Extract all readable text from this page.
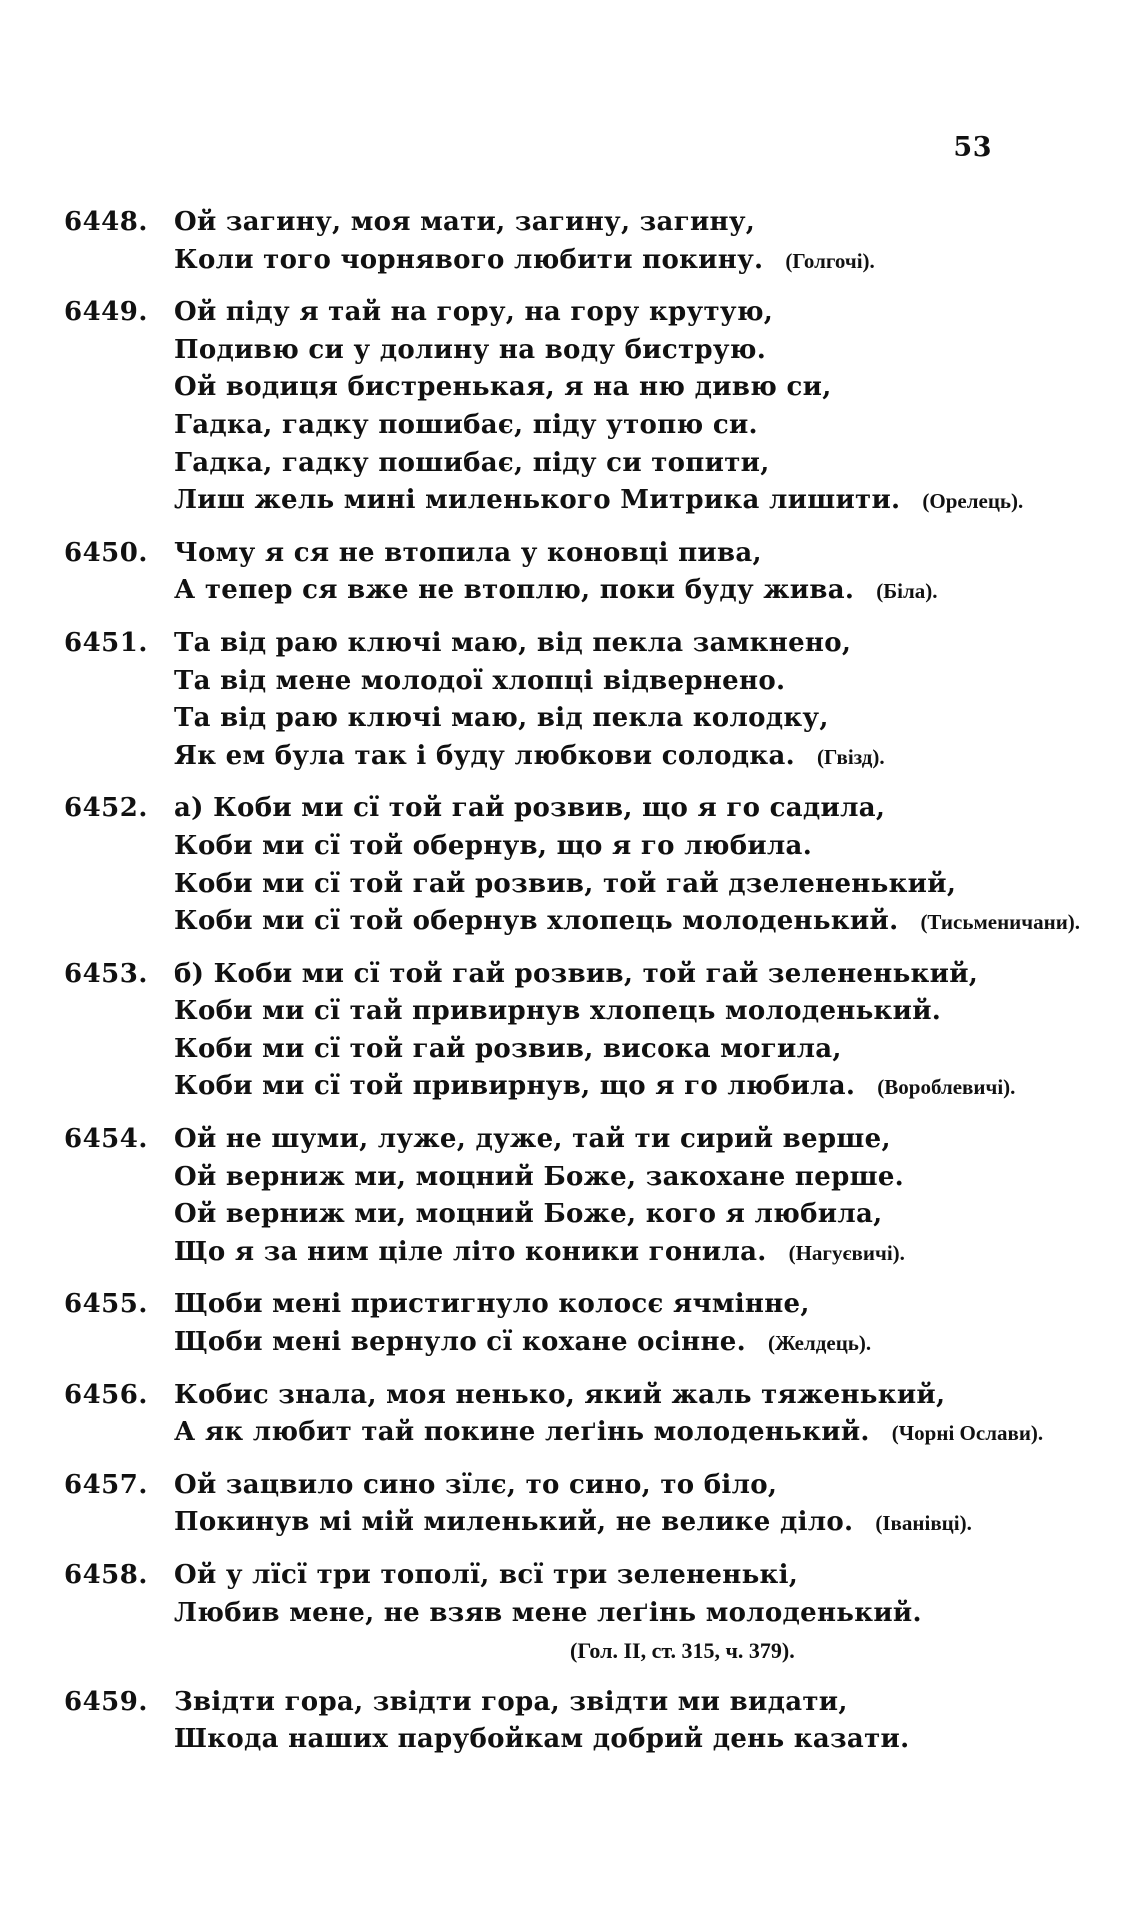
53
6448.	Ой загину, моя мати, загину, загину,
Коли того чорнявого любити покину. (Голгочі).
6449.	Ой піду я тай на гору, на гору крутую,
Подивю си у долину на воду биструю.
Ой водиця бистренькая, я на ню дивю си,
Гадка, гадку пошибає, піду утопю си.
Гадка, гадку пошибає, піду си топити,
Лиш жель мині миленького Митрика лишити. (Орелець).
6450.	Чому я ся не втопила у коновці пива,
А тепер ся вже не втоплю, поки буду жива. (Біла).
6451.	Та від раю ключі маю, від пекла замкнено,
Та від мене молодої хлопці відвернено.
Та від раю ключі маю, від пекла колодку,
Як ем була так і буду любкови солодка. (Гвізд).
6452.	а) Коби ми сї той гай розвив, що я го садила,
Коби ми сї той обернув, що я го любила.
Коби ми сї той гай розвив, той гай дзелененький,
Коби ми сї той обернув хлопець молоденький. (Тисьменичани).
6453.	б) Коби ми сї той гай розвив, той гай зелененький,
Коби ми сї тай привирнув хлопець молоденький.
Коби ми сї той гай розвив, висока могила,
Коби ми сї той привирнув, що я го любила. (Вороблевичі).
6454.	Ой не шуми, луже, дуже, тай ти сирий верше,
Ой верниж ми, моцний Боже, закохане перше.
Ой верниж ми, моцний Боже, кого я любила,
Що я за ним ціле літо коники гонила. (Нагуєвичі).
6455.	Щоби мені пристигнуло колосє ячмінне,
Щоби мені вернуло сї кохане осінне. (Желдець).
6456.	Кобис знала, моя ненько, який жаль тяженький,
А як любит тай покине леґінь молоденький. (Чорні Ослави).
6457.	Ой зацвило сино зїлє, то сино, то біло,
Покинув мі мій миленький, не велике діло. (Іванівці).
6458.	Ой у лїсї три тополї, всї три зелененькі,
Любив мене, не взяв мене леґінь молоденький.
(Гол. II, ст. 315, ч. 379).
6459.	Звідти гора, звідти гора, звідти ми видати,
Шкода наших парубойкам добрий день казати.
